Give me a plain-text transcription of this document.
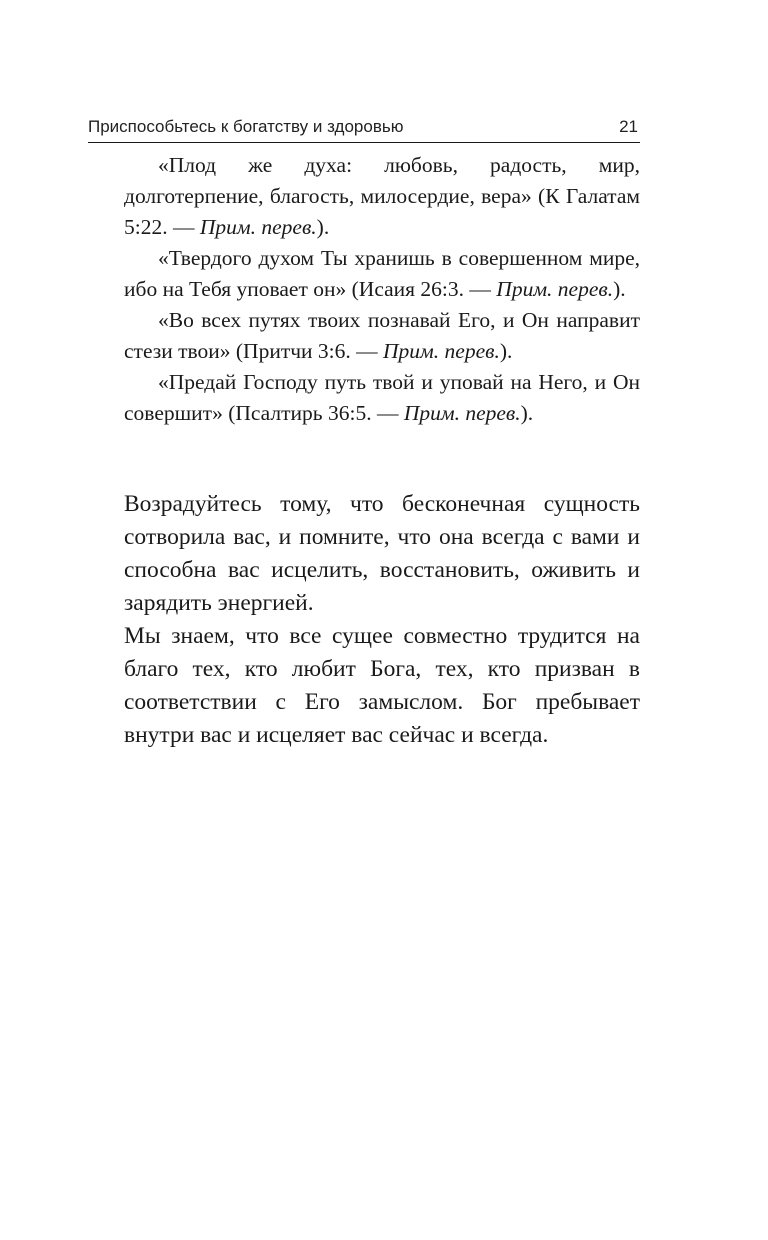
Приспособьтесь к богатству и здоровью	21

«Плод же духа: любовь, радость, мир, долготерпение, благость, милосердие, вера» (К Галатам 5:22. — Прим. перев.).

«Твердого духом Ты хранишь в совершенном мире, ибо на Тебя уповает он» (Исаия 26:3. — Прим. перев.).

«Во всех путях твоих познавай Его, и Он направит стези твои» (Притчи 3:6. — Прим. перев.).

«Предай Господу путь твой и уповай на Него, и Он совершит» (Псалтирь 36:5. — Прим. перев.).

Возрадуйтесь тому, что бесконечная сущность сотворила вас, и помните, что она всегда с вами и способна вас исцелить, восстановить, оживить и зарядить энергией.

Мы знаем, что все сущее совместно трудится на благо тех, кто любит Бога, тех, кто призван в соответствии с Его замыслом. Бог пребывает внутри вас и исцеляет вас сейчас и всегда.
